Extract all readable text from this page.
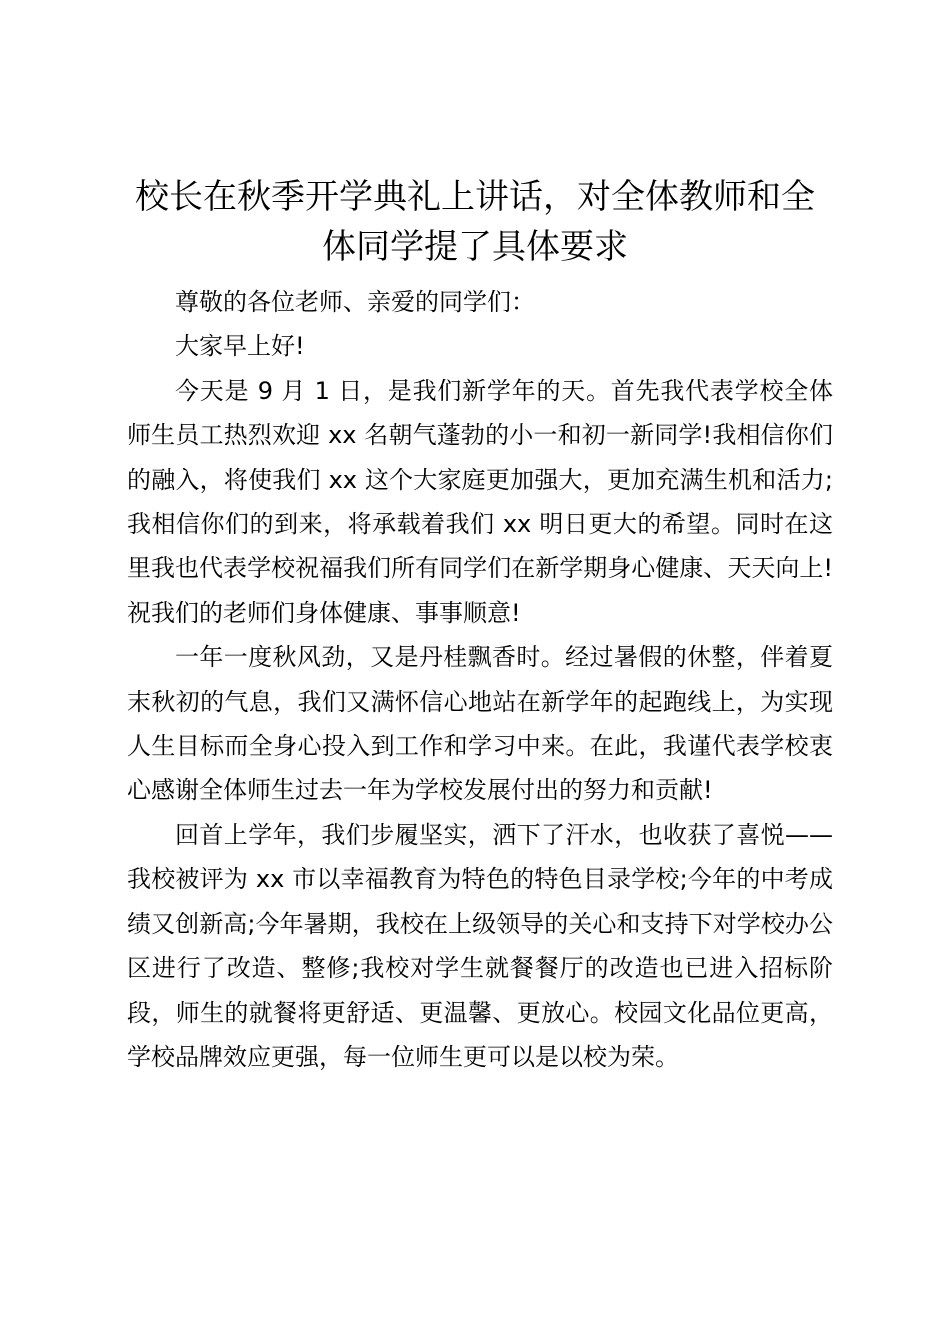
校长在秋季开学典礼上讲话，对全体教师和全体同学提了具体要求

尊敬的各位老师、亲爱的同学们：

大家早上好!

今天是 9 月 1 日，是我们新学年的天。首先我代表学校全体师生员工热烈欢迎 xx 名朝气蓬勃的小一和初一新同学!我相信你们的融入，将使我们 xx 这个大家庭更加强大，更加充满生机和活力;我相信你们的到来，将承载着我们 xx 明日更大的希望。同时在这里我也代表学校祝福我们所有同学们在新学期身心健康、天天向上!祝我们的老师们身体健康、事事顺意!

一年一度秋风劲，又是丹桂飘香时。经过暑假的休整，伴着夏末秋初的气息，我们又满怀信心地站在新学年的起跑线上，为实现人生目标而全身心投入到工作和学习中来。在此，我谨代表学校衷心感谢全体师生过去一年为学校发展付出的努力和贡献!

回首上学年，我们步履坚实，洒下了汗水，也收获了喜悦——我校被评为 xx 市以幸福教育为特色的特色目录学校;今年的中考成绩又创新高;今年暑期，我校在上级领导的关心和支持下对学校办公区进行了改造、整修;我校对学生就餐餐厅的改造也已进入招标阶段，师生的就餐将更舒适、更温馨、更放心。校园文化品位更高，学校品牌效应更强，每一位师生更可以是以校为荣。
